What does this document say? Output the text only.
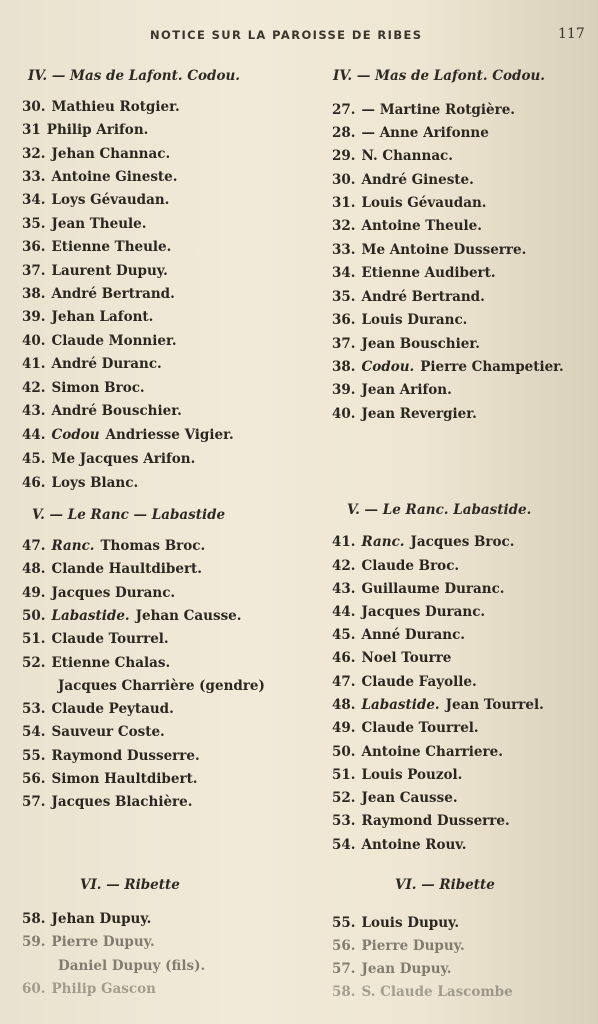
NOTICE SUR LA PAROISSE DE RIBES	117
IV. — Mas de Lafont. Codou.
30. Mathieu Rotgier.
31 Philip Arifon.
32. Jehan Channac.
33. Antoine Gineste.
34. Loys Gévaudan.
35. Jean Theule.
36. Etienne Theule.
37. Laurent Dupuy.
38. André Bertrand.
39. Jehan Lafont.
40. Claude Monnier.
41. André Duranc.
42. Simon Broc.
43. André Bouschier.
44. Codou Andriesse Vigier.
45. Me Jacques Arifon.
46. Loys Blanc.
V. — Le Ranc — Labastide
47. Ranc. Thomas Broc.
48. Clande Haultdibert.
49. Jacques Duranc.
50. Labastide. Jehan Causse.
51. Claude Tourrel.
52. Etienne Chalas.
Jacques Charrière (gendre)
53. Claude Peytaud.
54. Sauveur Coste.
55. Raymond Dusserre.
56. Simon Haultdibert.
57. Jacques Blachière.
VI. — Ribette
58. Jehan Dupuy.
59. Pierre Dupuy.
Daniel Dupuy (fils).
60. Philip Gascon
IV. — Mas de Lafont. Codou.
27. — Martine Rotgière.
28. — Anne Arifonne
29. N. Channac.
30. André Gineste.
31. Louis Gévaudan.
32. Antoine Theule.
33. Me Antoine Dusserre.
34. Etienne Audibert.
35. André Bertrand.
36. Louis Duranc.
37. Jean Bouschier.
38. Codou. Pierre Champetier.
39. Jean Arifon.
40. Jean Revergier.
V. — Le Ranc. Labastide.
41. Ranc. Jacques Broc.
42. Claude Broc.
43. Guillaume Duranc.
44. Jacques Duranc.
45. Anné Duranc.
46. Noel Tourre
47. Claude Fayolle.
48. Labastide. Jean Tourrel.
49. Claude Tourrel.
50. Antoine Charriere.
51. Louis Pouzol.
52. Jean Causse.
53. Raymond Dusserre.
54. Antoine Rouv.
VI. — Ribette
55. Louis Dupuy.
56. Pierre Dupuy.
57. Jean Dupuy.
58. S. Claude Lascombe
